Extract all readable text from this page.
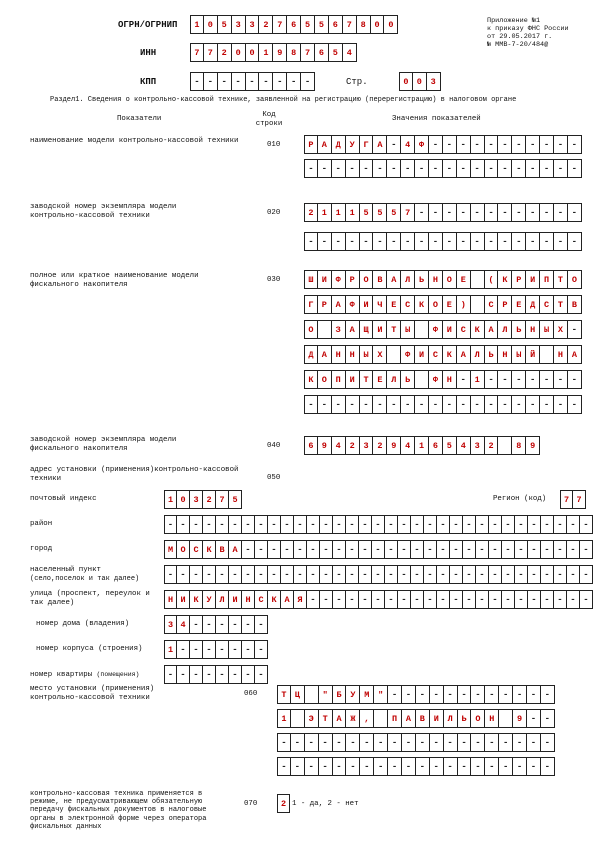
ОГРН/ОГРНИП	1 0	5	3	3	2	7	6	5	5	6	7	8	0	0
ИНН	7 7	2	0	0	1	9	8	7	6	5	4
КПП	- - - - - - - - -	Стр.	0 0	3
Приложение №1
к приказу ФНС России
от 29.05.2017 г.
№ ММВ-7-20/484@
Раздел1. Сведения о контрольно-кассовой технике, заявленной на регистрацию (перерегистрацию) в налоговом органе
Показатели	Код строки
Значения показателей
наименование модели контрольно-кассовой техники	010	Р А	Д	У	Г	А -	4	Ф - - - - - - - - - - -
- - - - - - - - - - - - - - - - - - - -
заводской номер экземпляра модели контрольно-кассовой техники	020	2 1	1	1	5	5	5	7 - - - - - - - - - - - -
- - - - - - - - - - - - - - - - - - - -
полное или краткое наименование модели фискального накопителя
030	Ш И	Ф	Р	О	В	А	Л	Ь	Н	О	Е	(	К	Р	И	П	Т	О
Г Р	А	Ф	И	Ч	Е	С	К	О	Е	)	С	Р	Е	Д	С	Т	В
О	З	А	Щ	И	Т	Ы	Ф	И	С	К	А	Л	Ь	Н	Ы	Х -
Д А	Н	Н	Ы	Х	Ф	И	С	К	А	Л	Ь	Н	Ы	Й	Н	А
К О	П	И	Т	Е	Л	Ь	Ф	Н -	1 - - - - - - -
- - - - - - - - - - - - - - - - - - - -
заводской номер экземпляра модели фискального накопителя	040	6 9	4	2	3	2	9	4	1	6	5	4	3	2	8	9
адрес установки (применения)контрольно-кассовой техники	050
почтовый индекс	1 0 3 2 7 5	Регион (код)	7 7
район	- - - - - - - - - - - - - - - - - - - - - - - - - - - - - - - - -
город	М О С К В А - - - - - - - - - - - - - - - - - - - - - - - - - - -
населенный пункт
(село,поселок и так далее)	- - - - - - - - - - - - - - - - - - - - - - - - - - - - - - - - -
улица (проспект, переулок и так далее)	Н И К У Л И Н С К А Я - - - - - - - - - - - - - - - - - - - - - -
номер дома (владения)	3 4 - - - - - -
номер корпуса (строения)	1 - - - - - - -
номер квартиры (помещения)	- - - - - - - -
место установки (применения) контрольно-кассовой техники	060	Т Ц	"	Б	У	М	" - - - - - - - - - - - -
1	Э	Т	А	Ж	,	П	А	В	И	Л	Ь	О	Н	9 - -
- - - - - - - - - - - - - - - - - - - -
- - - - - - - - - - - - - - - - - - - -
контрольно-кассовая техника применяется в режиме, не предусматривающем обязательную передачу фискальных документов в налоговые органы в электронной форме через оператора фискальных данных
070	2 1 - да, 2 - нет
